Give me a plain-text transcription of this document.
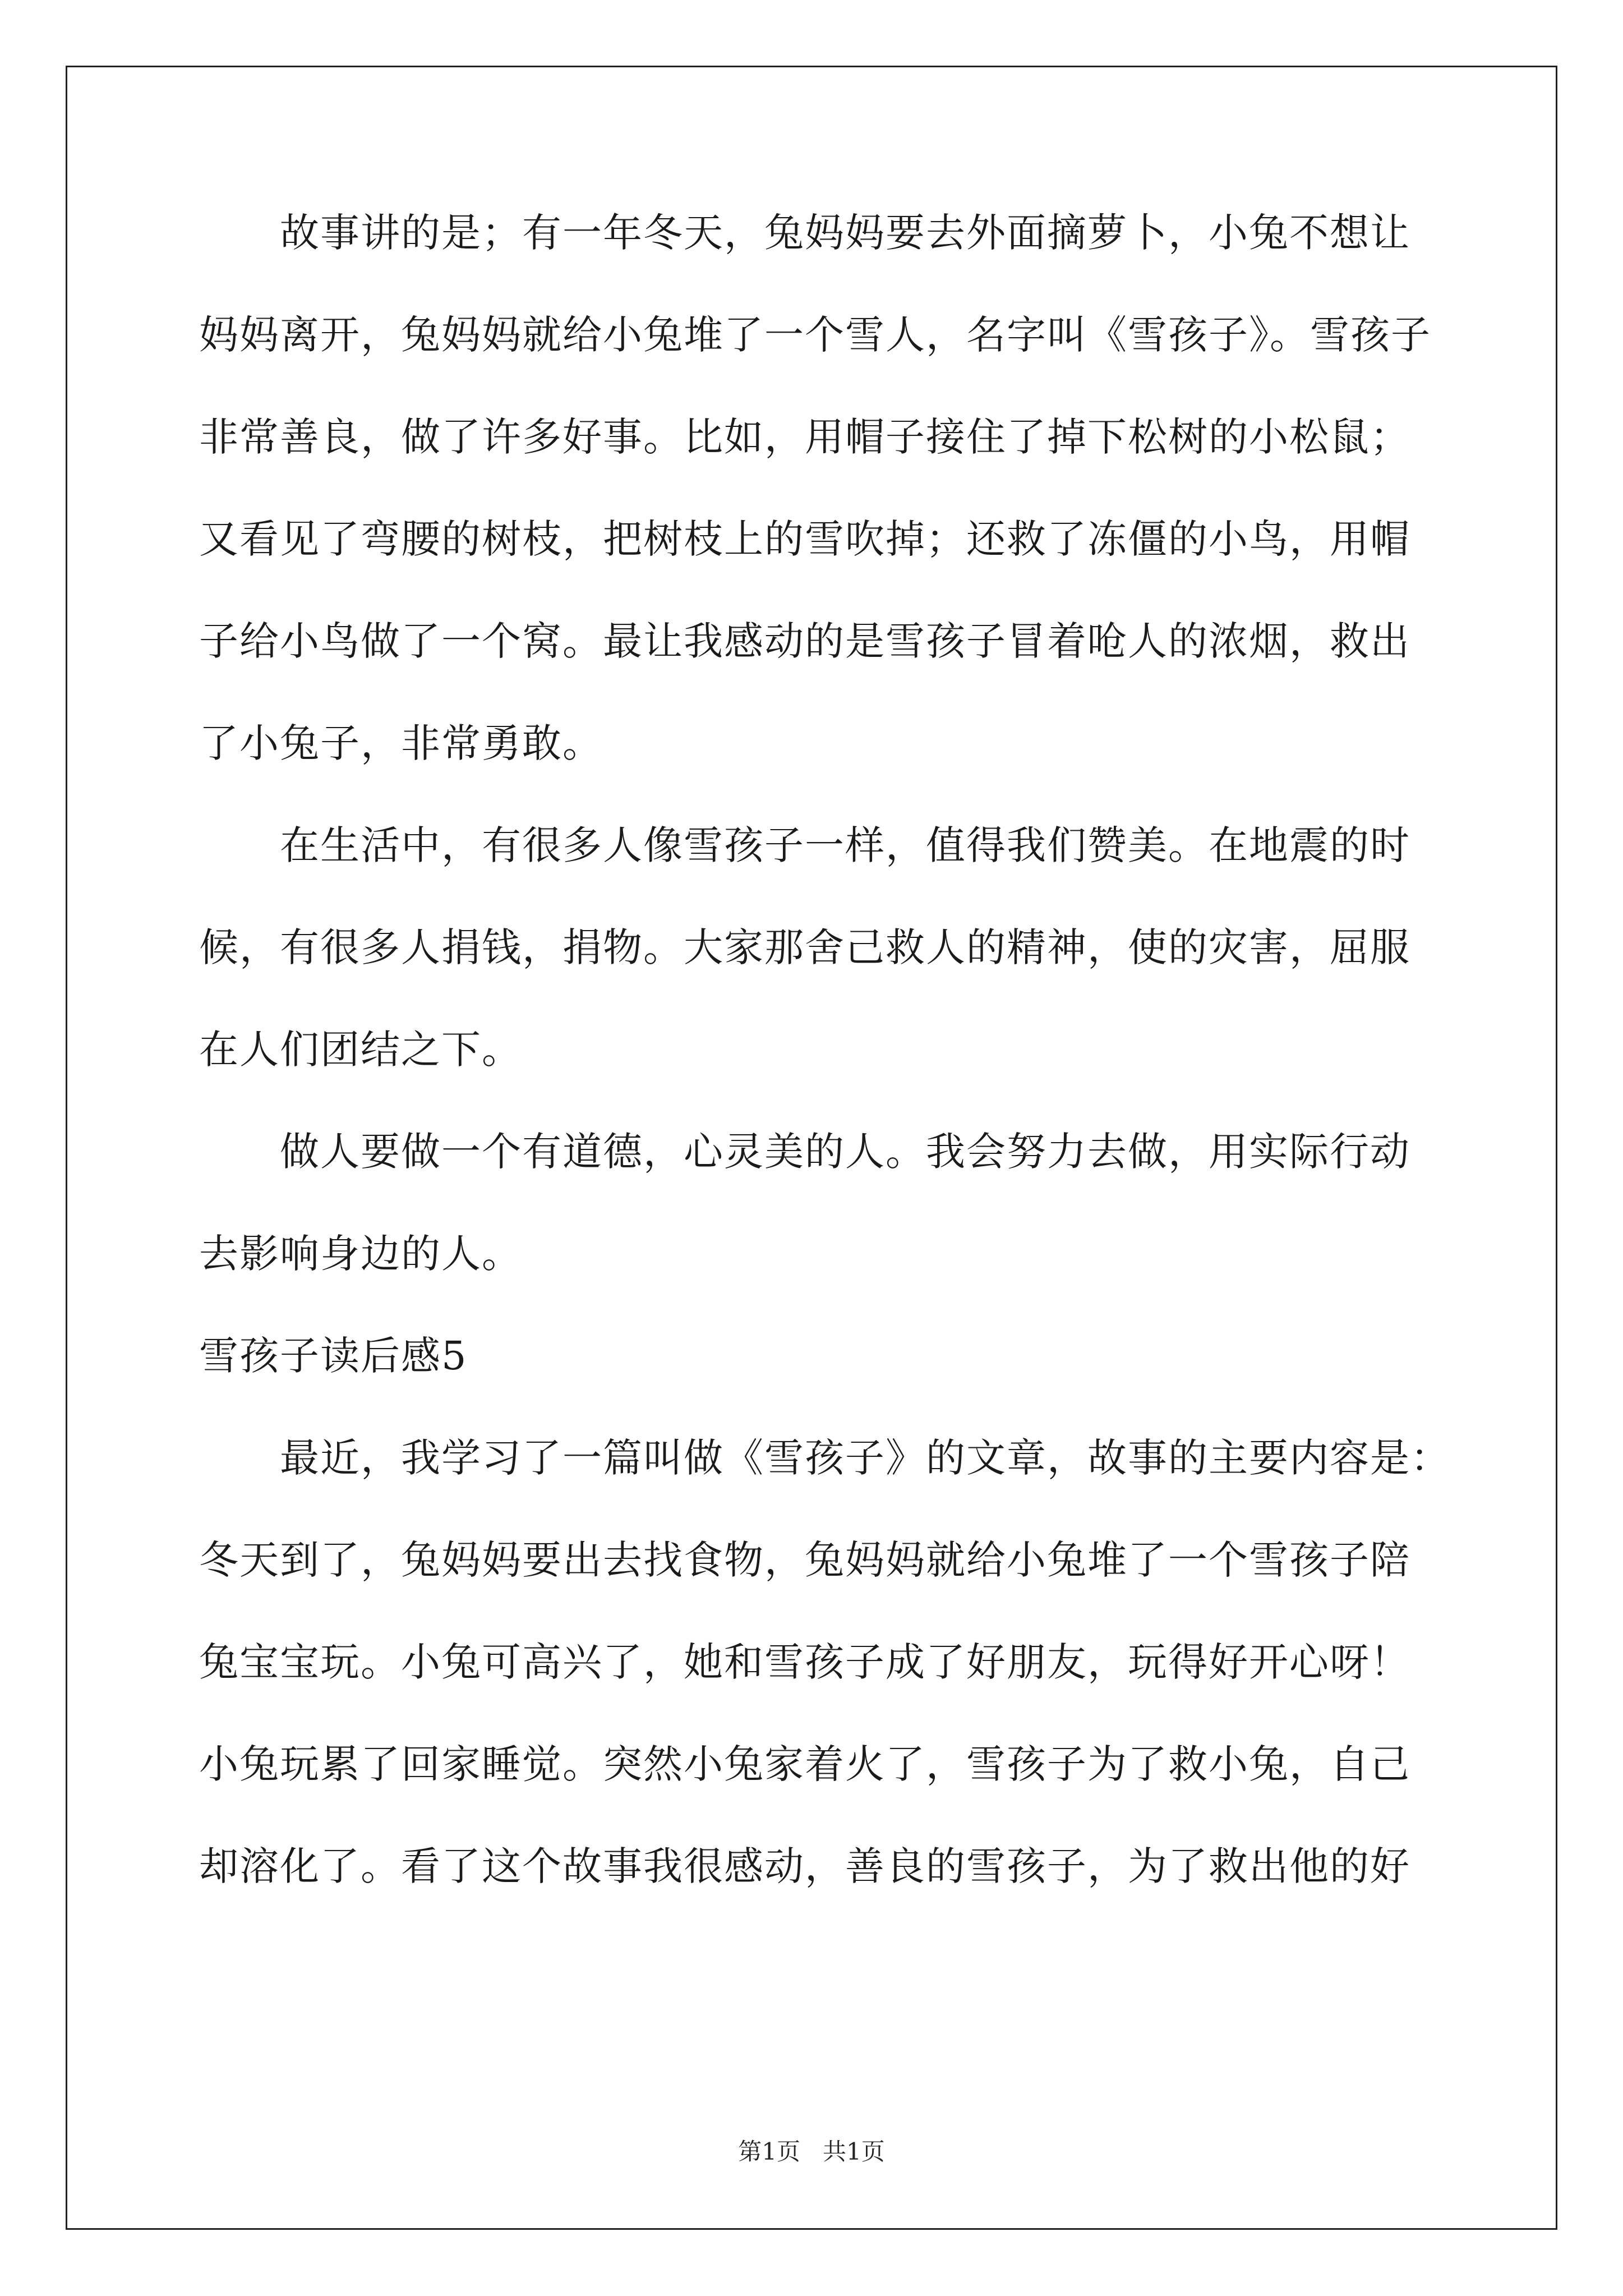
　　故事讲的是；有一年冬天，兔妈妈要去外面摘萝卜，小兔不想让
妈妈离开，兔妈妈就给小兔堆了一个雪人，名字叫《雪孩子》。雪孩子
非常善良，做了许多好事。比如，用帽子接住了掉下松树的小松鼠；
又看见了弯腰的树枝，把树枝上的雪吹掉；还救了冻僵的小鸟，用帽
子给小鸟做了一个窝。最让我感动的是雪孩子冒着呛人的浓烟，救出
了小兔子，非常勇敢。
　　在生活中，有很多人像雪孩子一样，值得我们赞美。在地震的时
候，有很多人捐钱，捐物。大家那舍己救人的精神，使的灾害，屈服
在人们团结之下。
　　做人要做一个有道德，心灵美的人。我会努力去做，用实际行动
去影响身边的人。
雪孩子读后感5
　　最近，我学习了一篇叫做《雪孩子》的文章，故事的主要内容是：
冬天到了，兔妈妈要出去找食物，兔妈妈就给小兔堆了一个雪孩子陪
兔宝宝玩。小兔可高兴了，她和雪孩子成了好朋友，玩得好开心呀！
小兔玩累了回家睡觉。突然小兔家着火了，雪孩子为了救小兔，自己
却溶化了。看了这个故事我很感动，善良的雪孩子，为了救出他的好
第1页   共1页
